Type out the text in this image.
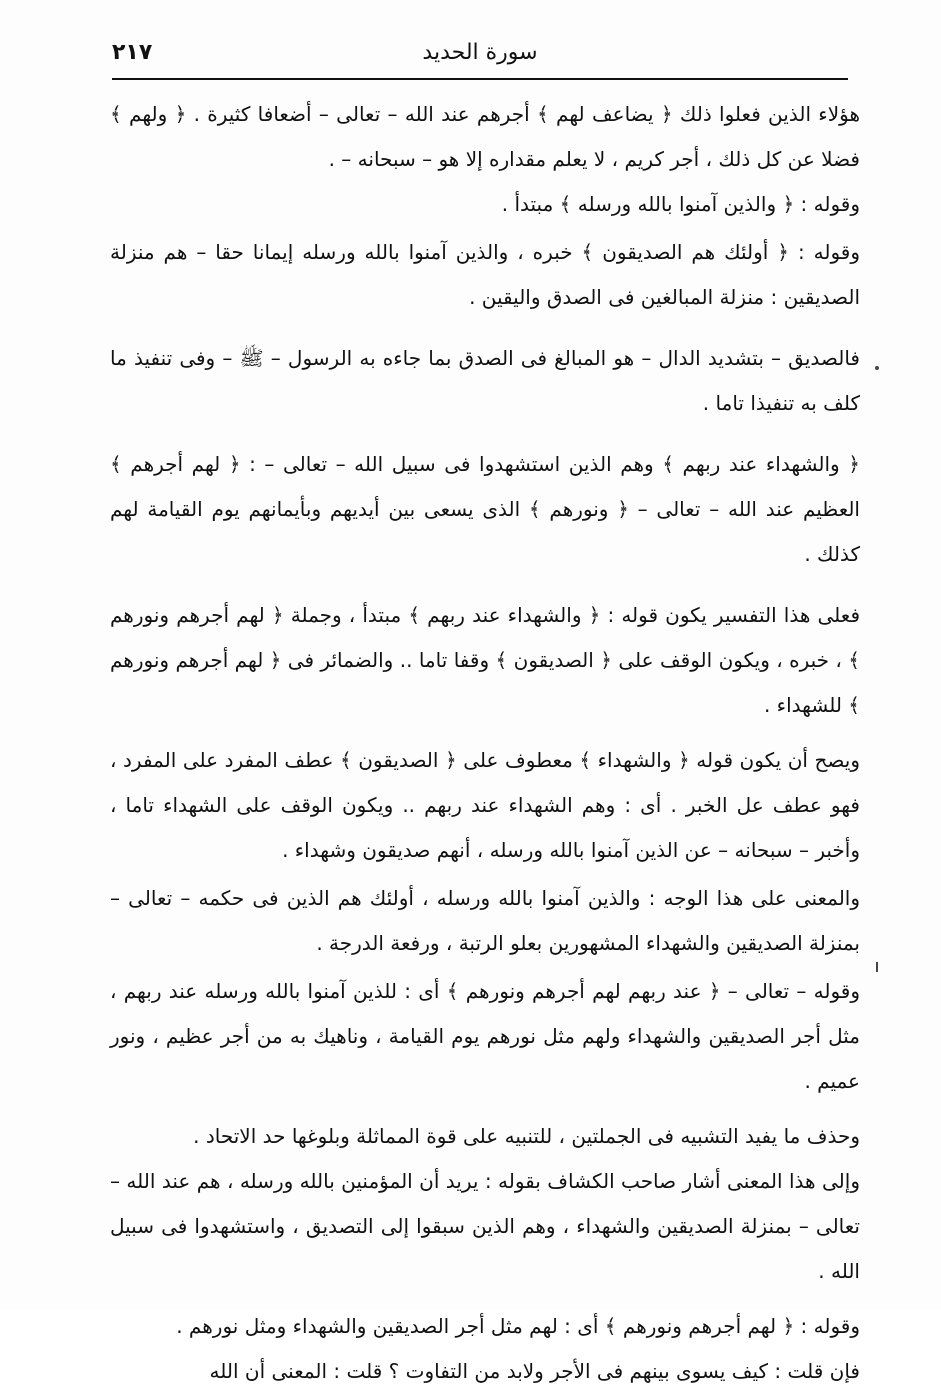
٢١٧	سورة الحديد

هؤلاء الذين فعلوا ذلك ﴿ يضاعف لهم ﴾ أجرهم عند الله – تعالى – أضعافا كثيرة . ﴿ ولهم ﴾ فضلا عن كل ذلك ، أجر كريم ، لا يعلم مقداره إلا هو – سبحانه – .

وقوله : ﴿ والذين آمنوا بالله ورسله ﴾ مبتدأ .

وقوله : ﴿ أولئك هم الصديقون ﴾ خبره ، والذين آمنوا بالله ورسله إيمانا حقا – هم منزلة الصديقين : منزلة المبالغين فى الصدق واليقين .

فالصديق – بتشديد الدال – هو المبالغ فى الصدق بما جاءه به الرسول – ﷺ – وفى تنفيذ ما كلف به تنفيذا تاما .

﴿ والشهداء عند ربهم ﴾ وهم الذين استشهدوا فى سبيل الله – تعالى – : ﴿ لهم أجرهم ﴾ العظيم عند الله – تعالى – ﴿ ونورهم ﴾ الذى يسعى بين أيديهم وبأيمانهم يوم القيامة لهم كذلك .

فعلى هذا التفسير يكون قوله : ﴿ والشهداء عند ربهم ﴾ مبتدأ ، وجملة ﴿ لهم أجرهم ونورهم ﴾ ، خبره ، ويكون الوقف على ﴿ الصديقون ﴾ وقفا تاما .. والضمائر فى ﴿ لهم أجرهم ونورهم ﴾ للشهداء .

ويصح أن يكون قوله ﴿ والشهداء ﴾ معطوف على ﴿ الصديقون ﴾ عطف المفرد على المفرد ، فهو عطف عل الخبر . أى : وهم الشهداء عند ربهم .. ويكون الوقف على الشهداء تاما ، وأخبر – سبحانه – عن الذين آمنوا بالله ورسله ، أنهم صديقون وشهداء .

والمعنى على هذا الوجه : والذين آمنوا بالله ورسله ، أولئك هم الذين فى حكمه – تعالى – بمنزلة الصديقين والشهداء المشهورين بعلو الرتبة ، ورفعة الدرجة .

وقوله – تعالى – ﴿ عند ربهم لهم أجرهم ونورهم ﴾ أى : للذين آمنوا بالله ورسله عند ربهم ، مثل أجر الصديقين والشهداء ولهم مثل نورهم يوم القيامة ، وناهيك به من أجر عظيم ، ونور عميم .

وحذف ما يفيد التشبيه فى الجملتين ، للتنبيه على قوة المماثلة وبلوغها حد الاتحاد .

وإلى هذا المعنى أشار صاحب الكشاف بقوله : يريد أن المؤمنين بالله ورسله ، هم عند الله – تعالى – بمنزلة الصديقين والشهداء ، وهم الذين سبقوا إلى التصديق ، واستشهدوا فى سبيل الله .

وقوله : ﴿ لهم أجرهم ونورهم ﴾ أى : لهم مثل أجر الصديقين والشهداء ومثل نورهم .

فإن قلت : كيف يسوى بينهم فى الأجر ولابد من التفاوت ؟ قلت : المعنى أن الله
